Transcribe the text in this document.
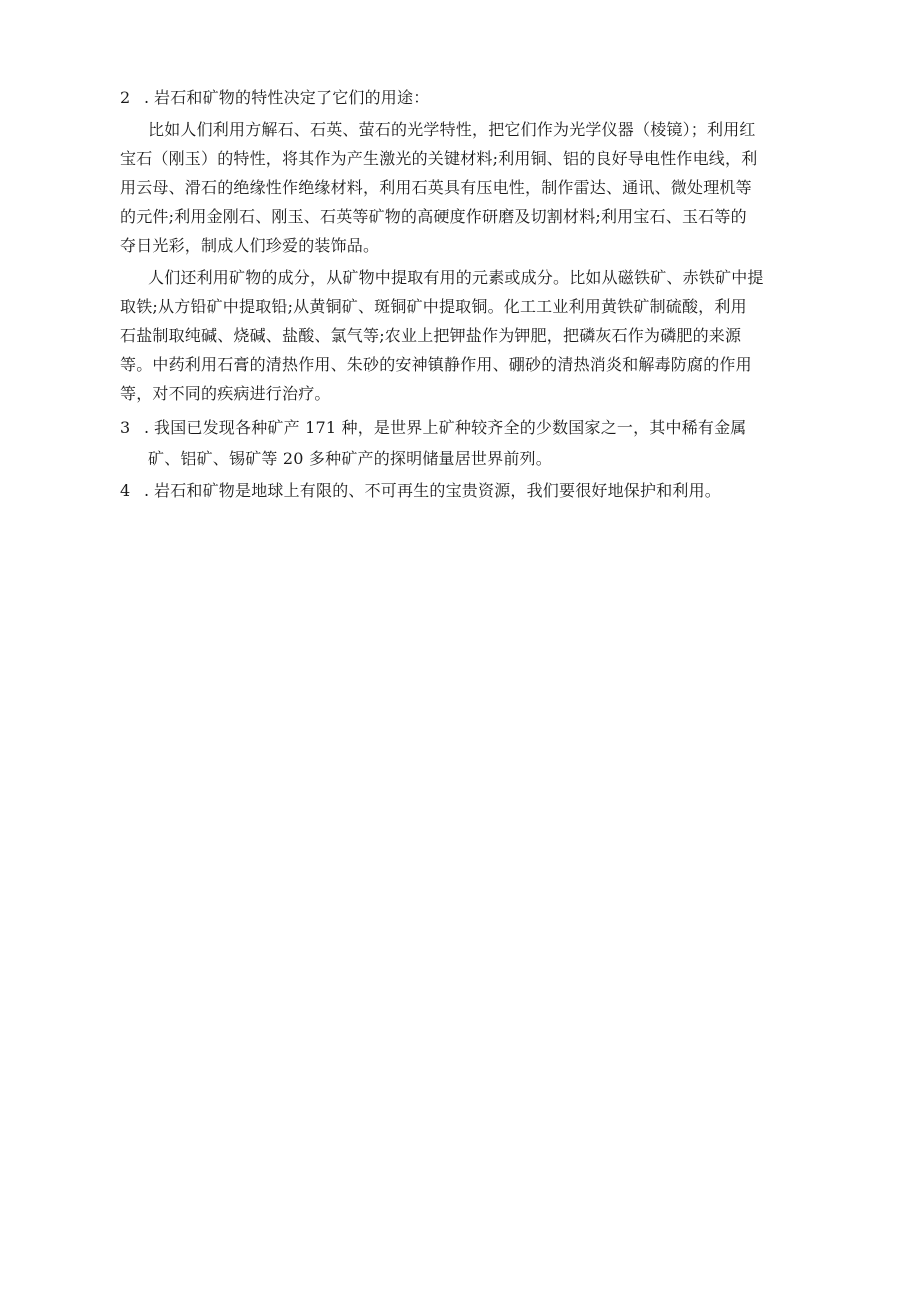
2 . 岩石和矿物的特性决定了它们的用途：
比如人们利用方解石、石英、萤石的光学特性，把它们作为光学仪器（棱镜）；利用红
宝石（刚玉）的特性，将其作为产生激光的关键材料;利用铜、铝的良好导电性作电线，利
用云母、滑石的绝缘性作绝缘材料，利用石英具有压电性，制作雷达、通讯、微处理机等
的元件;利用金刚石、刚玉、石英等矿物的高硬度作研磨及切割材料;利用宝石、玉石等的
夺日光彩，制成人们珍爱的装饰品。
人们还利用矿物的成分，从矿物中提取有用的元素或成分。比如从磁铁矿、赤铁矿中提
取铁;从方铅矿中提取铅;从黄铜矿、斑铜矿中提取铜。化工工业利用黄铁矿制硫酸，利用
石盐制取纯碱、烧碱、盐酸、氯气等;农业上把钾盐作为钾肥，把磷灰石作为磷肥的来源
等。中药利用石膏的清热作用、朱砂的安神镇静作用、硼砂的清热消炎和解毒防腐的作用
等，对不同的疾病进行治疗。
3 . 我国已发现各种矿产 171 种，是世界上矿种较齐全的少数国家之一，其中稀有金属
矿、铝矿、锡矿等 20 多种矿产的探明储量居世界前列。
4 . 岩石和矿物是地球上有限的、不可再生的宝贵资源，我们要很好地保护和利用。
